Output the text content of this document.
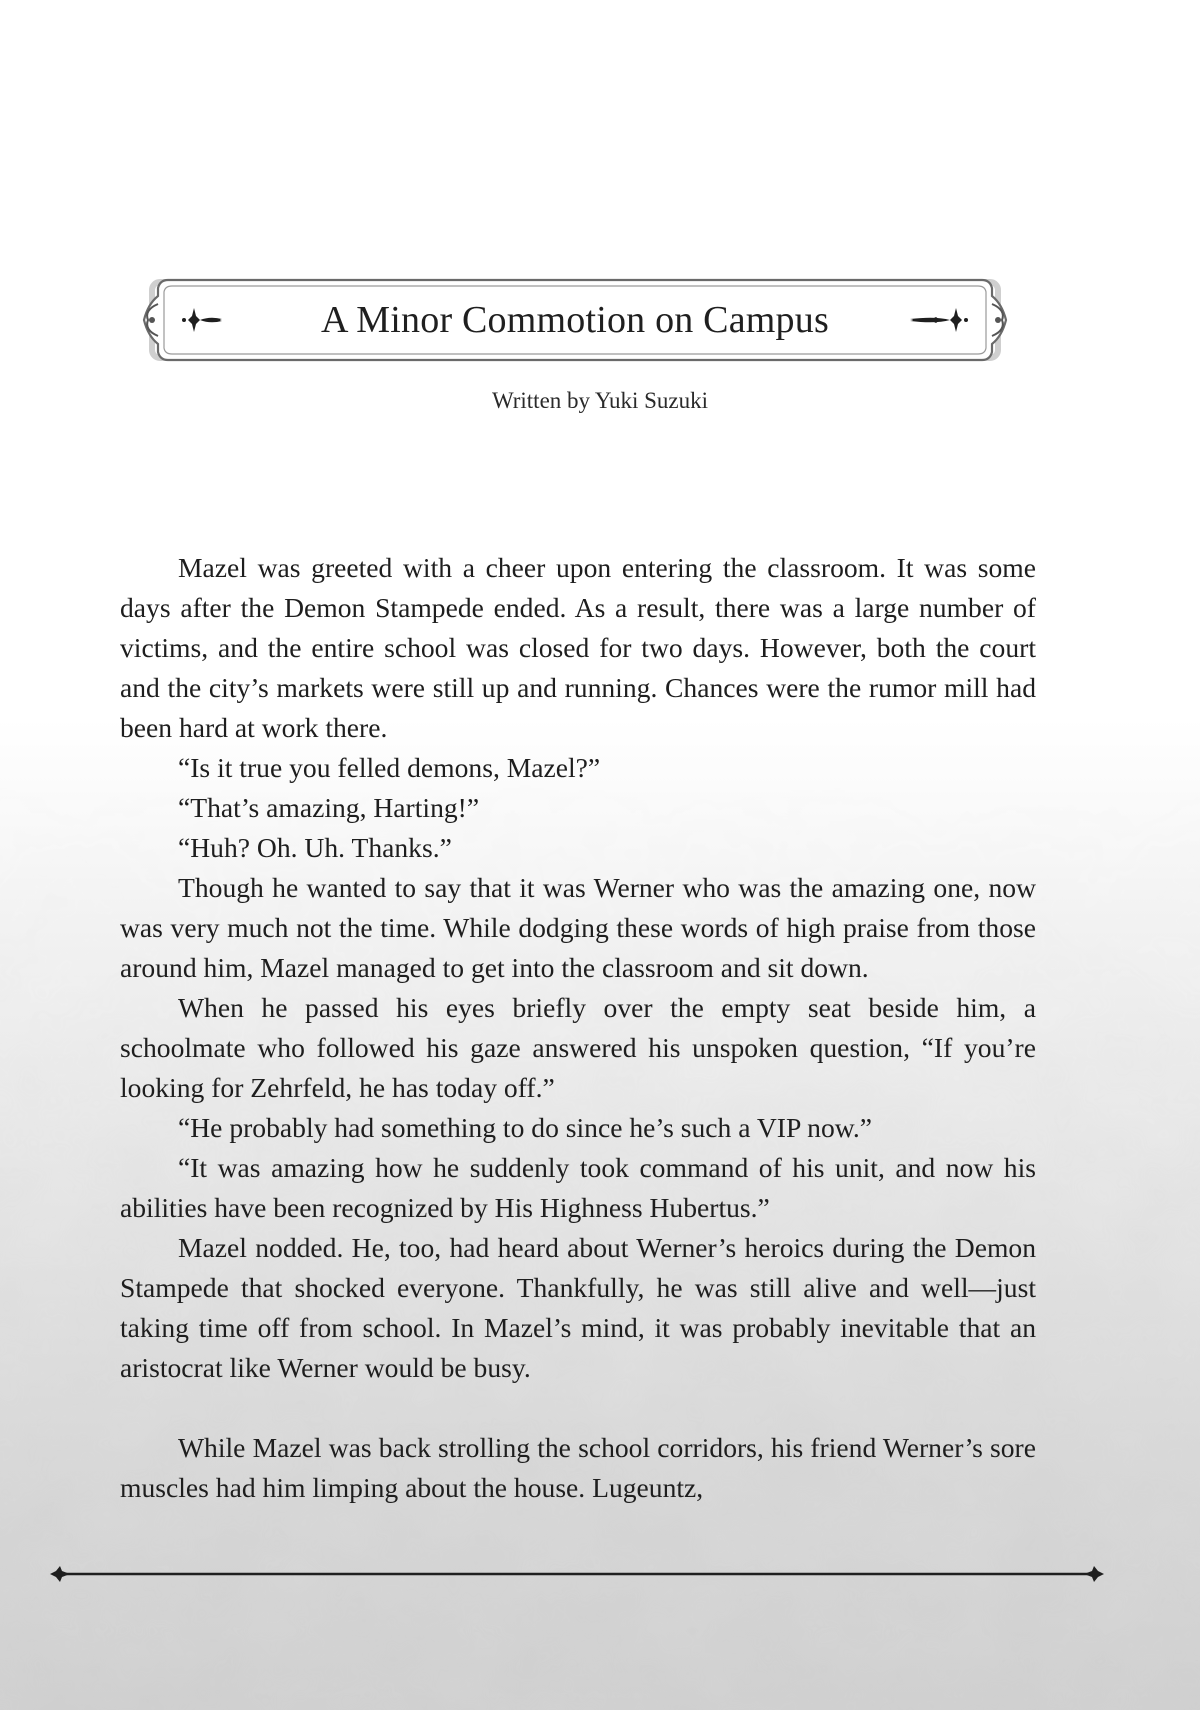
A Minor Commotion on Campus
Written by Yuki Suzuki

Mazel was greeted with a cheer upon entering the classroom. It was some days after the Demon Stampede ended. As a result, there was a large number of victims, and the entire school was closed for two days. However, both the court and the city’s markets were still up and running. Chances were the rumor mill had been hard at work there.

“Is it true you felled demons, Mazel?”

“That’s amazing, Harting!”

“Huh? Oh. Uh. Thanks.”

Though he wanted to say that it was Werner who was the amazing one, now was very much not the time. While dodging these words of high praise from those around him, Mazel managed to get into the classroom and sit down.

When he passed his eyes briefly over the empty seat beside him, a schoolmate who followed his gaze answered his unspoken question, “If you’re looking for Zehrfeld, he has today off.”

“He probably had something to do since he’s such a VIP now.”

“It was amazing how he suddenly took command of his unit, and now his abilities have been recognized by His Highness Hubertus.”

Mazel nodded. He, too, had heard about Werner’s heroics during the Demon Stampede that shocked everyone. Thankfully, he was still alive and well—just taking time off from school. In Mazel’s mind, it was probably inevitable that an aristocrat like Werner would be busy.

While Mazel was back strolling the school corridors, his friend Werner’s sore muscles had him limping about the house. Lugeuntz,
